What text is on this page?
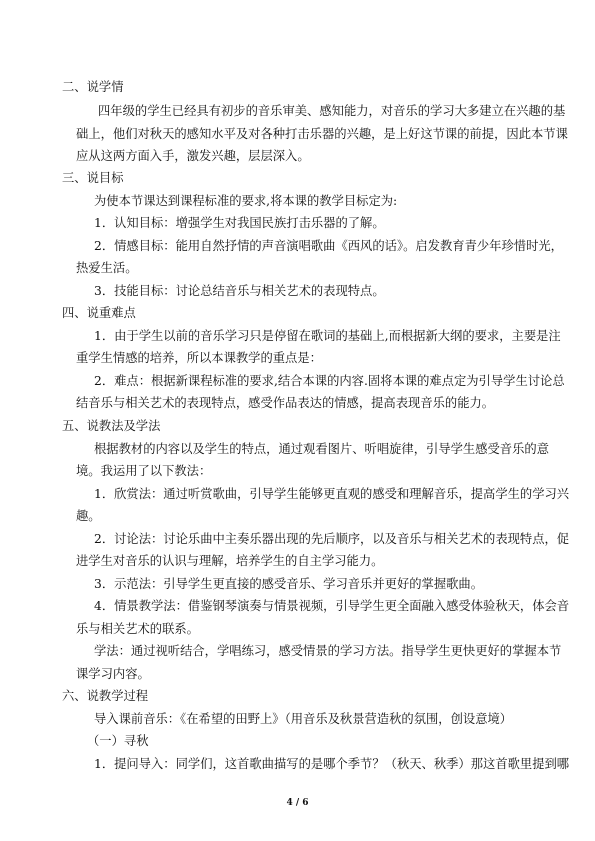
二、说学情
四年级的学生已经具有初步的音乐审美、感知能力，对音乐的学习大多建立在兴趣的基
础上，他们对秋天的感知水平及对各种打击乐器的兴趣，是上好这节课的前提，因此本节课
应从这两方面入手，激发兴趣，层层深入。
三、说目标
为使本节课达到课程标准的要求,将本课的教学目标定为:
1．认知目标：增强学生对我国民族打击乐器的了解。
2．情感目标：能用自然抒情的声音演唱歌曲《西风的话》。启发教育青少年珍惜时光，
热爱生活。
3．技能目标：讨论总结音乐与相关艺术的表现特点。
四、说重难点
1．由于学生以前的音乐学习只是停留在歌词的基础上,而根据新大纲的要求，主要是注
重学生情感的培养，所以本课教学的重点是：
2．难点：根据新课程标准的要求,结合本课的内容.固将本课的难点定为引导学生讨论总
结音乐与相关艺术的表现特点，感受作品表达的情感，提高表现音乐的能力。
五、说教法及学法
根据教材的内容以及学生的特点，通过观看图片、听唱旋律，引导学生感受音乐的意
境。我运用了以下教法：
1．欣赏法：通过听赏歌曲，引导学生能够更直观的感受和理解音乐，提高学生的学习兴
趣。
2．讨论法：讨论乐曲中主奏乐器出现的先后顺序，以及音乐与相关艺术的表现特点，促
进学生对音乐的认识与理解，培养学生的自主学习能力。
3．示范法：引导学生更直接的感受音乐、学习音乐并更好的掌握歌曲。
4．情景教学法：借鉴钢琴演奏与情景视频，引导学生更全面融入感受体验秋天，体会音
乐与相关艺术的联系。
学法：通过视听结合，学唱练习，感受情景的学习方法。指导学生更快更好的掌握本节
课学习内容。
六、说教学过程
导入课前音乐：《在希望的田野上》（用音乐及秋景营造秋的氛围，创设意境）
（一）寻秋
1．提问导入：同学们，这首歌曲描写的是哪个季节？（秋天、秋季）那这首歌里提到哪
4 / 6
